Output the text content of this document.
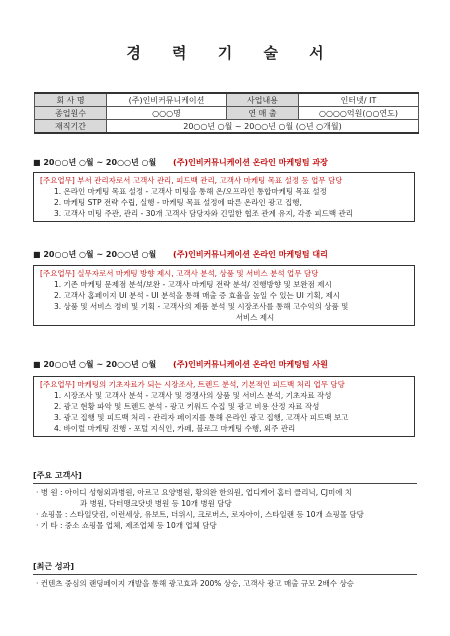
경 력 기 술 서
회 사 명	(주)인비커뮤니케이션	사업내용	인터넷/ IT
종업원수	○○○명	연 매 출	○○○○억원(○○연도)
재직기간	20○○년 ○월 ~ 20○○년 ○월 (○년 ○개월)		
■ 20○○년 ○월 ~ 20○○년 ○월 (주)인비커뮤니케이션 온라인 마케팅팀 과장
[주요업무] 부서 관리자로서 고객사 관리, 피드백 관리, 고객사 마케팅 목표 설정 등 업무 담당
1. 온라인 마케팅 목표 설정 - 고객사 미팅을 통해 온/오프라인 통합마케팅 목표 설정
2. 마케팅 STP 전략 수립, 실행 - 마케팅 목표 설정에 따른 온라인 광고 집행,
3. 고객사 미팅 주관, 관리 - 30개 고객사 담당자와 긴밀한 협조 관계 유지, 각종 피드백 관리
■ 20○○년 ○월 ~ 20○○년 ○월 (주)인비커뮤니케이션 온라인 마케팅팀 대리
[주요업무] 실무자로서 마케팅 방향 제시, 고객사 분석, 상품 및 서비스 분석 업무 담당
1. 기존 마케팅 문제점 분석/보완 - 고객사 마케팅 전략 분석/ 진행방향 및 보완점 제시
2. 고객사 홈페이지 UI 분석 - UI 분석을 통해 매출 증 효율을 높일 수 있는 UI 기획, 제시
3. 상품 및 서비스 정비 및 기획 - 고객사의 제품 분석 및 시장조사를 통해 고수익의 상품 및
서비스 제시
■ 20○○년 ○월 ~ 20○○년 ○월 (주)인비커뮤니케이션 온라인 마케팅팀 사원
[주요업무] 마케팅의 기초자료가 되는 시장조사, 트렌드 분석, 기본적인 피드백 처리 업무 담당
1. 시장조사 및 고객사 분석 - 고객사 및 경쟁사의 상품 및 서비스 분석, 기초자료 작성
2. 광고 현황 파악 및 트렌드 분석 - 광고 키워드 수집 및 광고 비용 산정 자료 작성
3. 광고 집행 및 피드백 처리 - 관리자 페이지를 통해 온라인 광고 집행, 고객사 피드백 보고
4. 바이럴 마케팅 진행 - 포털 지식인, 카페, 블로그 마케팅 수행, 외주 관리
[주요 고객사]
· 병 원 : 아이디 성형외과병원, 아르고 요양병원, 황의완 한의원, 업디케어 홈터 클리닉, CJ미에 치
과 병원, 닥터맹크닷넷 병원 등 10개 병원 담당
· 쇼핑몰 : 스타일닷컴, 이런세상, 유보트, 더위시, 크로버스, 로자아이, 스타일랜 등 10개 쇼핑몰 담당
· 기 타 : 중소 쇼핑몰 업체, 제조업체 등 10개 업체 담당
[최근 성과]
· 컨텐츠 중심의 랜딩페이지 개발을 통해 광고효과 200% 상승, 고객사 광고 매출 규모 2배수 상승
